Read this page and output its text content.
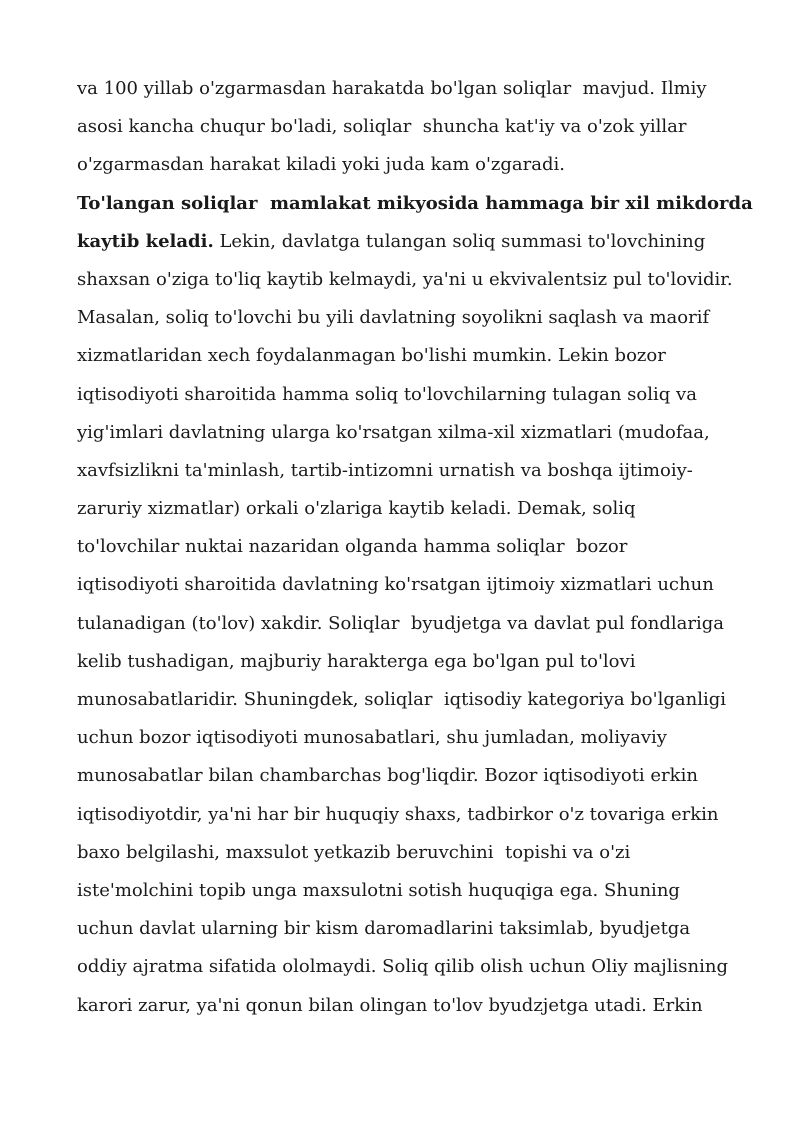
va 100 yillab o'zgarmasdan harakatda bo'lgan soliqlar  mavjud. Ilmiy
asosi kancha chuqur bo'ladi, soliqlar  shuncha kat'iy va o'zok yillar
o'zgarmasdan harakat kiladi yoki juda kam o'zgaradi.
To'langan soliqlar  mamlakat mikyosida hammaga bir xil mikdorda
kaytib keladi. Lekin, davlatga tulangan soliq summasi to'lovchining
shaxsan o'ziga to'liq kaytib kelmaydi, ya'ni u ekvivalentsiz pul to'lovidir.
Masalan, soliq to'lovchi bu yili davlatning soyolikni saqlash va maorif
xizmatlaridan xech foydalanmagan bo'lishi mumkin. Lekin bozor
iqtisodiyoti sharoitida hamma soliq to'lovchilarning tulagan soliq va
yig'imlari davlatning ularga ko'rsatgan xilma-xil xizmatlari (mudofaa,
xavfsizlikni ta'minlash, tartib-intizomni urnatish va boshqa ijtimoiy-
zaruriy xizmatlar) orkali o'zlariga kaytib keladi. Demak, soliq
to'lovchilar nuktai nazaridan olganda hamma soliqlar  bozor
iqtisodiyoti sharoitida davlatning ko'rsatgan ijtimoiy xizmatlari uchun
tulanadigan (to'lov) xakdir. Soliqlar  byudjetga va davlat pul fondlariga
kelib tushadigan, majburiy harakterga ega bo'lgan pul to'lovi
munosabatlaridir. Shuningdek, soliqlar  iqtisodiy kategoriya bo'lganligi
uchun bozor iqtisodiyoti munosabatlari, shu jumladan, moliyaviy
munosabatlar bilan chambarchas bog'liqdir. Bozor iqtisodiyoti erkin
iqtisodiyotdir, ya'ni har bir huquqiy shaxs, tadbirkor o'z tovariga erkin
baxo belgilashi, maxsulot yetkazib beruvchini  topishi va o'zi
iste'molchini topib unga maxsulotni sotish huquqiga ega. Shuning
uchun davlat ularning bir kism daromadlarini taksimlab, byudjetga
oddiy ajratma sifatida ololmaydi. Soliq qilib olish uchun Oliy majlisning
karori zarur, ya'ni qonun bilan olingan to'lov byudzjetga utadi. Erkin
